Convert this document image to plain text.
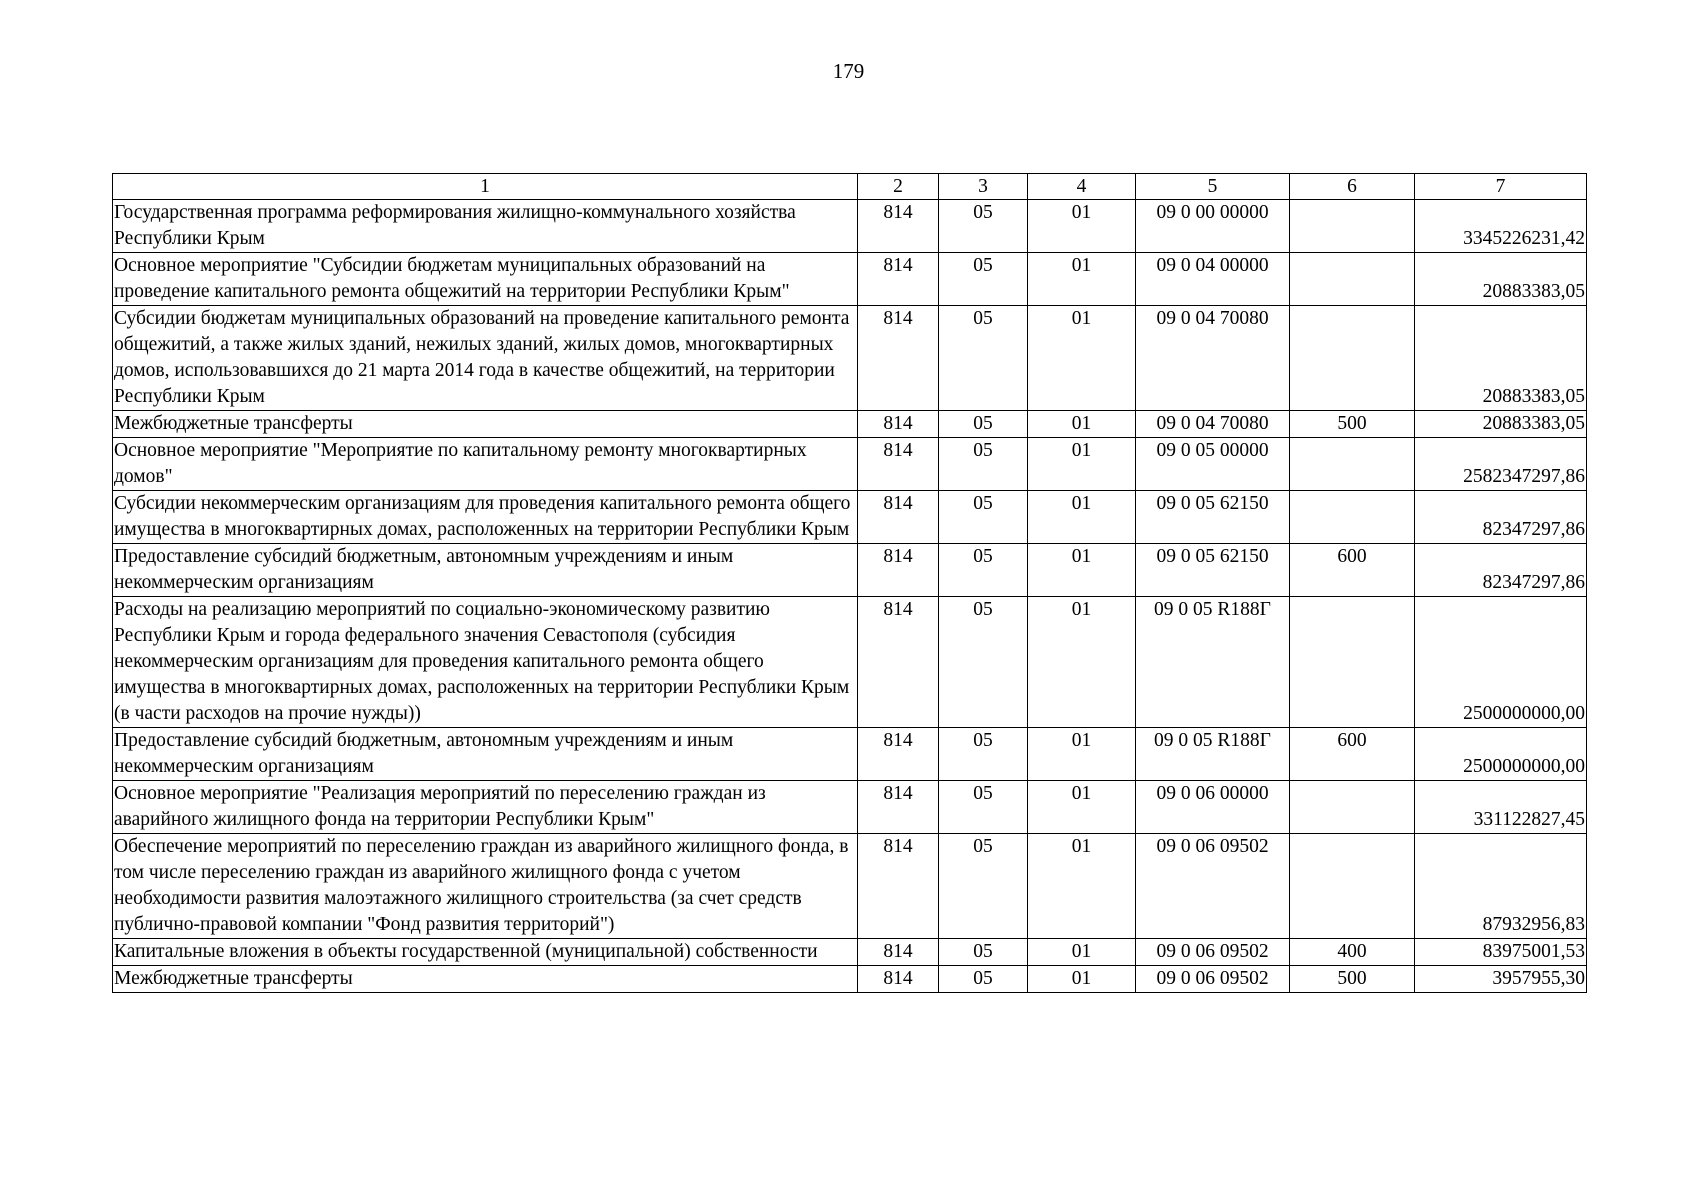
179
1	2	3	4	5	6	7
Государственная программа реформирования жилищно-коммунального хозяйства Республики Крым	814	05	01	09 0 00 00000		3345226231,42
Основное мероприятие "Субсидии бюджетам муниципальных образований на проведение капитального ремонта общежитий на территории Республики Крым"	814	05	01	09 0 04 00000		20883383,05
Субсидии бюджетам муниципальных образований на проведение капитального ремонта общежитий, а также жилых зданий, нежилых зданий, жилых домов, многоквартирных домов, использовавшихся до 21 марта 2014 года в качестве общежитий, на территории Республики Крым	814	05	01	09 0 04 70080		20883383,05
Межбюджетные трансферты	814	05	01	09 0 04 70080	500	20883383,05
Основное мероприятие "Мероприятие по капитальному ремонту многоквартирных домов"	814	05	01	09 0 05 00000		2582347297,86
Субсидии некоммерческим организациям для проведения капитального ремонта общего имущества в многоквартирных домах, расположенных на территории Республики Крым	814	05	01	09 0 05 62150		82347297,86
Предоставление субсидий бюджетным, автономным учреждениям и иным некоммерческим организациям	814	05	01	09 0 05 62150	600	82347297,86
Расходы на реализацию мероприятий по социально-экономическому развитию Республики Крым и города федерального значения Севастополя (субсидия некоммерческим организациям для проведения капитального ремонта общего имущества в многоквартирных домах, расположенных на территории Республики Крым (в части расходов на прочие нужды))	814	05	01	09 0 05 R188Г		2500000000,00
Предоставление субсидий бюджетным, автономным учреждениям и иным некоммерческим организациям	814	05	01	09 0 05 R188Г	600	2500000000,00
Основное мероприятие "Реализация мероприятий по переселению граждан из аварийного жилищного фонда на территории Республики Крым"	814	05	01	09 0 06 00000		331122827,45
Обеспечение мероприятий по переселению граждан из аварийного жилищного фонда, в том числе переселению граждан из аварийного жилищного фонда с учетом необходимости развития малоэтажного жилищного строительства (за счет средств публично-правовой компании "Фонд развития территорий")	814	05	01	09 0 06 09502		87932956,83
Капитальные вложения в объекты государственной (муниципальной) собственности	814	05	01	09 0 06 09502	400	83975001,53
Межбюджетные трансферты	814	05	01	09 0 06 09502	500	3957955,30
